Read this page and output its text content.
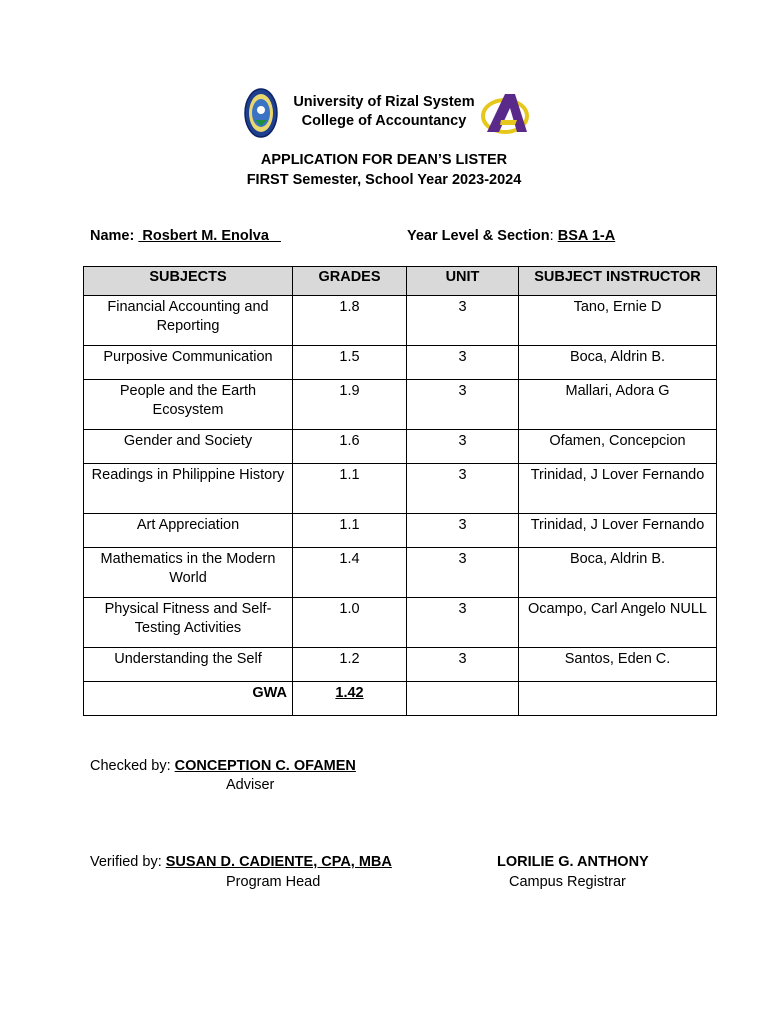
University of Rizal System
College of Accountancy
APPLICATION FOR DEAN’S LISTER
FIRST Semester, School Year 2023-2024
Name:  Rosbert M. Enolva	Year Level & Section: BSA 1-A
SUBJECTS	GRADES	UNIT	SUBJECT INSTRUCTOR
Financial Accounting and Reporting	1.8	3	Tano, Ernie D
Purposive Communication	1.5	3	Boca, Aldrin B.
People and the Earth Ecosystem	1.9	3	Mallari, Adora G
Gender and Society	1.6	3	Ofamen, Concepcion
Readings in Philippine History	1.1	3	Trinidad, J Lover Fernando
Art Appreciation	1.1	3	Trinidad, J Lover Fernando
Mathematics in the Modern World	1.4	3	Boca, Aldrin B.
Physical Fitness and Self-Testing Activities	1.0	3	Ocampo, Carl Angelo NULL
Understanding the Self	1.2	3	Santos, Eden C.
GWA	1.42		
Checked by: CONCEPTION C. OFAMEN
Adviser
Verified by: SUSAN D. CADIENTE, CPA, MBA
Program Head
LORILIE G. ANTHONY
Campus Registrar
